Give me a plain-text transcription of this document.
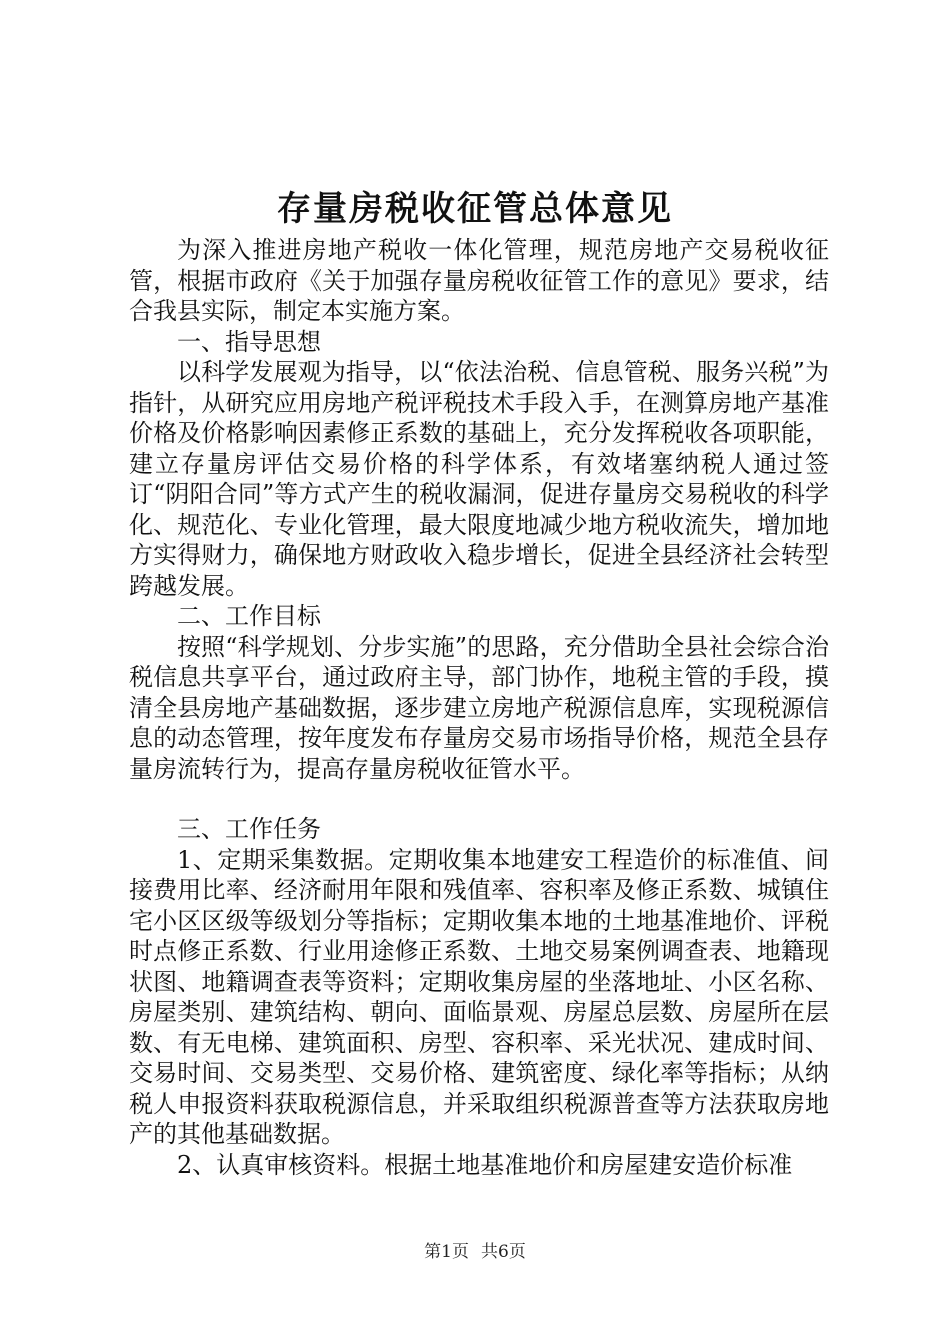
存量房税收征管总体意见

为深入推进房地产税收一体化管理，规范房地产交易税收征管，根据市政府《关于加强存量房税收征管工作的意见》要求，结合我县实际，制定本实施方案。

一、指导思想

以科学发展观为指导，以“依法治税、信息管税、服务兴税”为指针，从研究应用房地产税评税技术手段入手，在测算房地产基准价格及价格影响因素修正系数的基础上，充分发挥税收各项职能，建立存量房评估交易价格的科学体系，有效堵塞纳税人通过签订“阴阳合同”等方式产生的税收漏洞，促进存量房交易税收的科学化、规范化、专业化管理，最大限度地减少地方税收流失，增加地方实得财力，确保地方财政收入稳步增长，促进全县经济社会转型跨越发展。

二、工作目标

按照“科学规划、分步实施”的思路，充分借助全县社会综合治税信息共享平台，通过政府主导，部门协作，地税主管的手段，摸清全县房地产基础数据，逐步建立房地产税源信息库，实现税源信息的动态管理，按年度发布存量房交易市场指导价格，规范全县存量房流转行为，提高存量房税收征管水平。

三、工作任务

1、定期采集数据。定期收集本地建安工程造价的标准值、间接费用比率、经济耐用年限和残值率、容积率及修正系数、城镇住宅小区区级等级划分等指标；定期收集本地的土地基准地价、评税时点修正系数、行业用途修正系数、土地交易案例调查表、地籍现状图、地籍调查表等资料；定期收集房屋的坐落地址、小区名称、房屋类别、建筑结构、朝向、面临景观、房屋总层数、房屋所在层数、有无电梯、建筑面积、房型、容积率、采光状况、建成时间、交易时间、交易类型、交易价格、建筑密度、绿化率等指标；从纳税人申报资料获取税源信息，并采取组织税源普查等方法获取房地产的其他基础数据。

2、认真审核资料。根据土地基准地价和房屋建安造价标准

第1页 共6页
